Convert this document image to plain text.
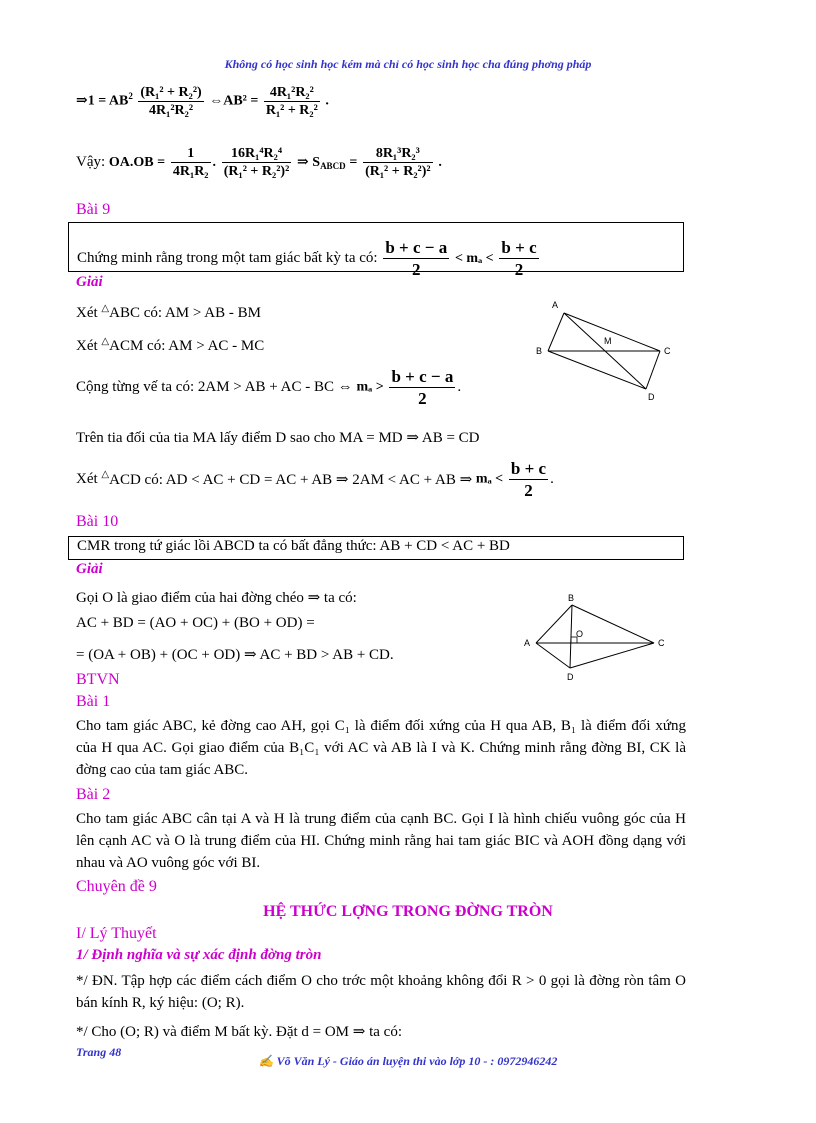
Không có học sinh học kém mà chỉ có học sinh học cha đúng phơng pháp
⇒1 = $AB^2 \frac{\text{(R₁² + R₂²)}}{\text{4R₁²R₂²}}$ ⇔AB² = $\frac{\text{4R₁²R₂²}}{\text{R₁² + R₂²}}$ .
Vậy: $OA.OB = \frac{1}{\text{4R₁R₂}}$ . $\frac{\text{16R₁⁴R₂⁴}}{\text{(R₁² + R₂²)²}}$ ⇒ $S_{ABCD} = \frac{\text{8R₁³R₂³}}{\text{(R₁² + R₂²)²}}$ .
Bài 9
Chứng minh rằng trong một tam giác bất kỳ ta có: $\frac{b + c - a}{2} < m_a < \frac{b + c}{2}$
Giải
Xét △ABC có: AM > AB - BM
Xét △ACM có: AM > AC - MC
Cộng từng vế ta có: 2AM > AB + AC - BC ⇔ $m_a > \frac{b + c - a}{2}$ .
Trên tia đối của tia MA lấy điểm D sao cho MA = MD ⇒ AB = CD
Xét △ACD có: AD < AC + CD = AC + AB ⇒ 2AM < AC + AB ⇒ $m_a < \frac{b + c}{2}$ .
A
B
M
C
D
Bài 10
CMR trong tứ giác lồi ABCD ta có bất đẳng thức: AB + CD < AC + BD
Giải
Gọi O là giao điểm của hai đờng chéo ⇒ ta có:
AC + BD = (AO + OC) + (BO + OD) =
= (OA + OB) + (OC + OD) ⇒ AC + BD > AB + CD.
B
A
O
C
D
BTVN
Bài 1
Cho tam giác ABC, kẻ đờng cao AH, gọi C₁ là điểm đối xứng của H qua AB, B₁ là điểm đối xứng của H qua AC. Gọi giao điểm của B₁C₁ với AC và AB là I và K. Chứng minh rằng đờng BI, CK là đờng cao của tam giác ABC.
Bài 2
Cho tam giác ABC cân tại A và H là trung điểm của cạnh BC. Gọi I là hình chiếu vuông góc của H lên cạnh AC và O là trung điểm của HI. Chứng minh rằng hai tam giác BIC và AOH đồng dạng với nhau và AO vuông góc với BI.
Chuyên đề 9
HỆ THỨC LỢNG TRONG ĐỜNG TRÒN
I/ Lý Thuyết
1/ Định nghĩa và sự xác định đờng tròn
*/ ĐN. Tập hợp các điểm cách điểm O cho trớc một khoảng không đổi R > 0 gọi là đờng ròn tâm O bán kính R, ký hiệu: (O; R).
*/ Cho (O; R) và điểm M bất kỳ. Đặt d = OM ⇒ ta có:
Trang 48
✍ Võ Văn Lý - Giáo án luyện thi vào lớp 10 - : 0972946242
